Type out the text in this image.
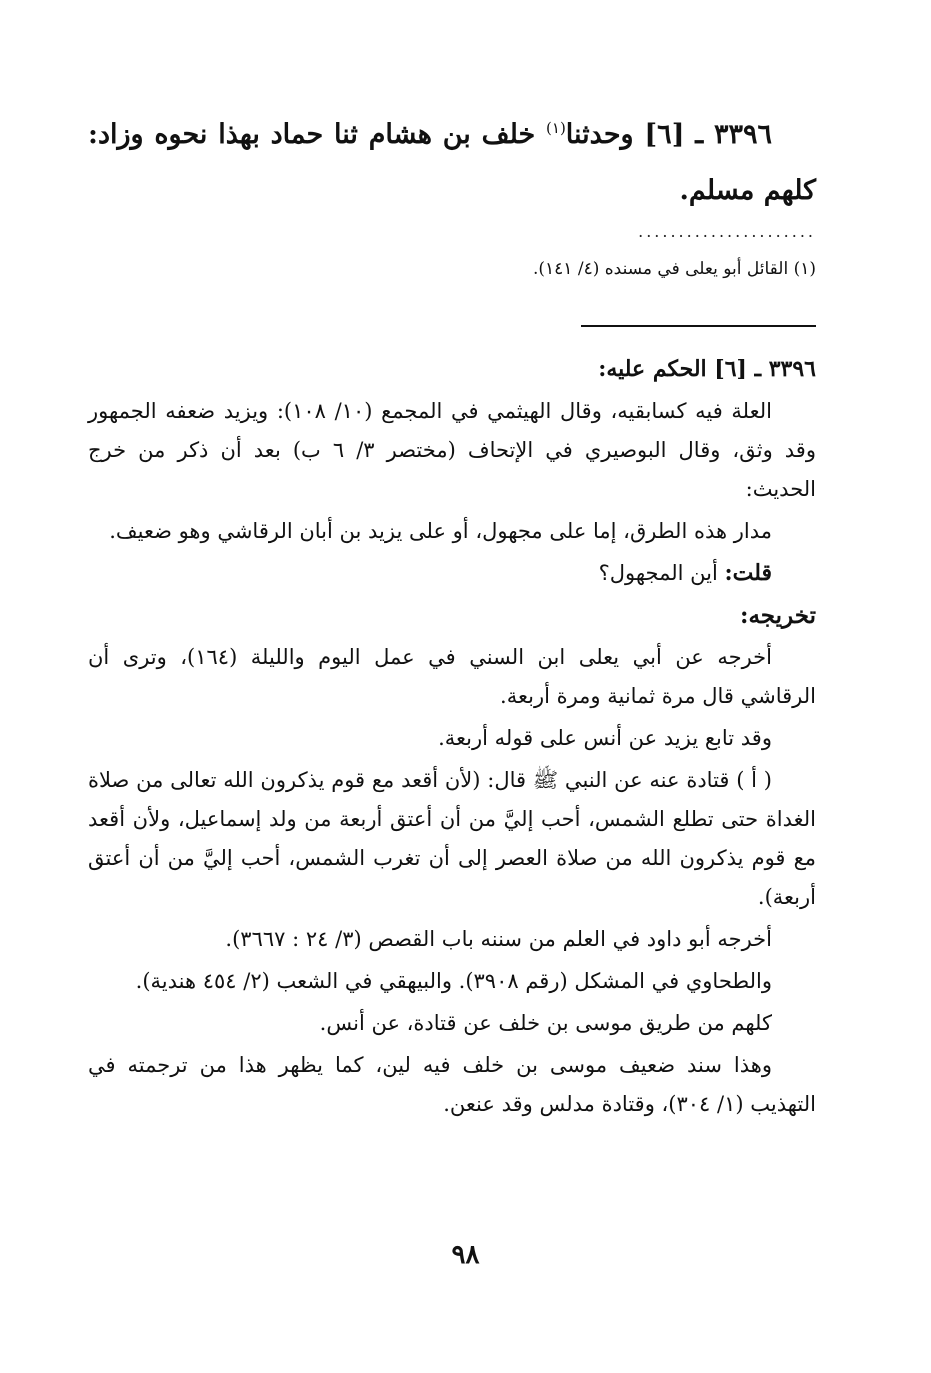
٣٣٩٦ ـ [٦] وحدثنا$^{(١)}$ خلف بن هشام ثنا حماد بهذا نحوه وزاد: كلهم مسلم.

......................

(١) القائل أبو يعلى في مسنده (٤/ ١٤١).

٣٣٩٦ ـ [٦] الحكم عليه:

العلة فيه كسابقيه، وقال الهيثمي في المجمع (١٠/ ١٠٨): ويزيد ضعفه الجمهور وقد وثق، وقال البوصيري في الإتحاف (مختصر ٣/ ٦ ب) بعد أن ذكر من خرج الحديث:

مدار هذه الطرق، إما على مجهول، أو على يزيد بن أبان الرقاشي وهو ضعيف.

قلت: أين المجهول؟

تخريجه:

أخرجه عن أبي يعلى ابن السني في عمل اليوم والليلة (١٦٤)، وترى أن الرقاشي قال مرة ثمانية ومرة أربعة.

وقد تابع يزيد عن أنس على قوله أربعة.

( أ ) قتادة عنه عن النبي ﷺ قال: (لأن أقعد مع قوم يذكرون الله تعالى من صلاة الغداة حتى تطلع الشمس، أحب إليَّ من أن أعتق أربعة من ولد إسماعيل، ولأن أقعد مع قوم يذكرون الله من صلاة العصر إلى أن تغرب الشمس، أحب إليَّ من أن أعتق أربعة).

أخرجه أبو داود في العلم من سننه باب القصص (٣/ ٢٤ : ٣٦٦٧).

والطحاوي في المشكل (رقم ٣٩٠٨). والبيهقي في الشعب (٢/ ٤٥٤ هندية).

كلهم من طريق موسى بن خلف عن قتادة، عن أنس.

وهذا سند ضعيف موسى بن خلف فيه لين، كما يظهر هذا من ترجمته في التهذيب (١/ ٣٠٤)، وقتادة مدلس وقد عنعن.

٩٨
